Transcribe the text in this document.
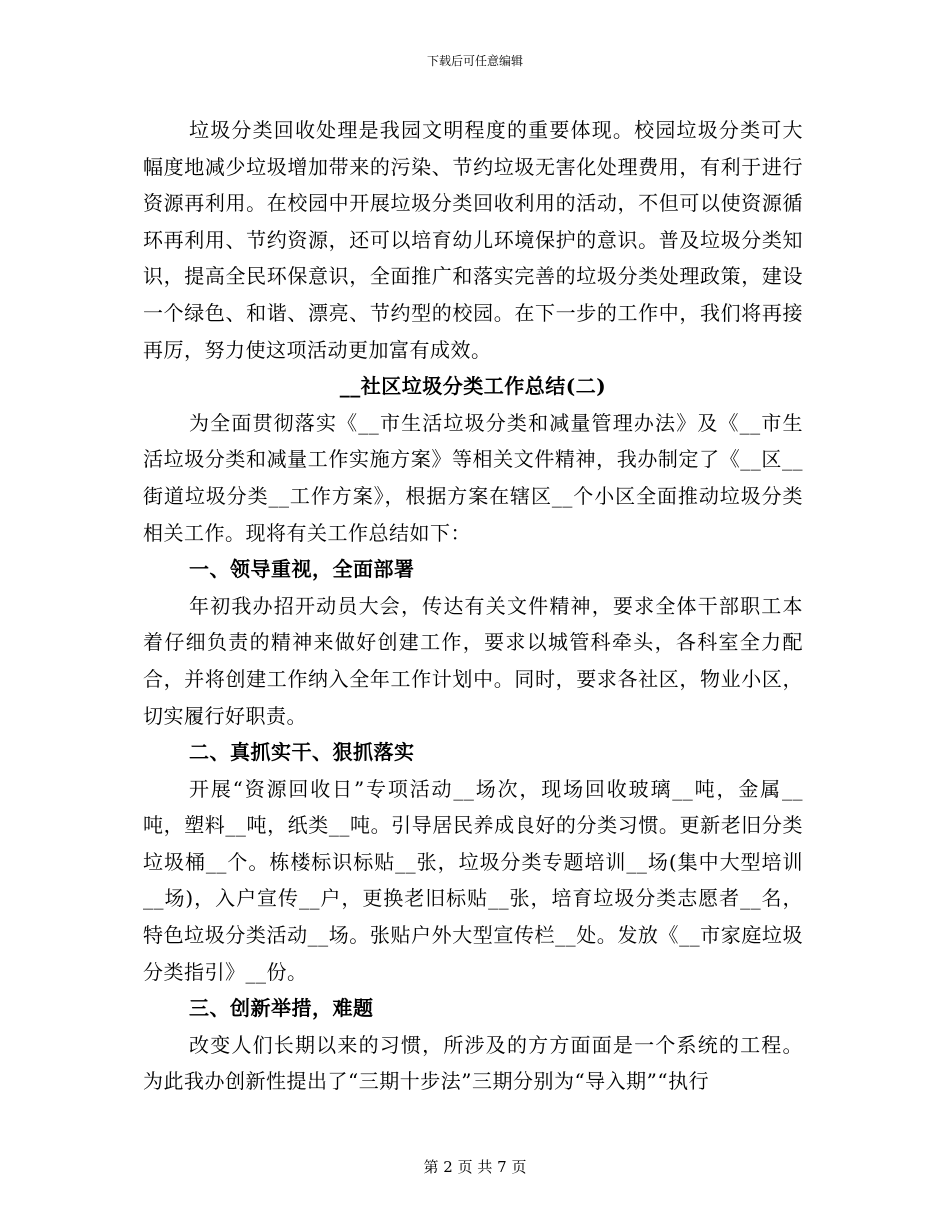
下载后可任意编辑

垃圾分类回收处理是我园文明程度的重要体现。校园垃圾分类可大幅度地减少垃圾增加带来的污染、节约垃圾无害化处理费用，有利于进行资源再利用。在校园中开展垃圾分类回收利用的活动，不但可以使资源循环再利用、节约资源，还可以培育幼儿环境保护的意识。普及垃圾分类知识，提高全民环保意识，全面推广和落实完善的垃圾分类处理政策，建设一个绿色、和谐、漂亮、节约型的校园。在下一步的工作中，我们将再接再厉，努力使这项活动更加富有成效。

__社区垃圾分类工作总结(二)

为全面贯彻落实《__市生活垃圾分类和减量管理办法》及《__市生活垃圾分类和减量工作实施方案》等相关文件精神，我办制定了《__区__街道垃圾分类__工作方案》，根据方案在辖区__个小区全面推动垃圾分类相关工作。现将有关工作总结如下：

一、领导重视，全面部署

年初我办招开动员大会，传达有关文件精神，要求全体干部职工本着仔细负责的精神来做好创建工作，要求以城管科牵头，各科室全力配合，并将创建工作纳入全年工作计划中。同时，要求各社区，物业小区，切实履行好职责。

二、真抓实干、狠抓落实

开展“资源回收日”专项活动__场次，现场回收玻璃__吨，金属__吨，塑料__吨，纸类__吨。引导居民养成良好的分类习惯。更新老旧分类垃圾桶__个。栋楼标识标贴__张，垃圾分类专题培训__场(集中大型培训__场)，入户宣传__户，更换老旧标贴__张，培育垃圾分类志愿者__名，特色垃圾分类活动__场。张贴户外大型宣传栏__处。发放《__市家庭垃圾分类指引》__份。

三、创新举措，难题

改变人们长期以来的习惯，所涉及的方方面面是一个系统的工程。为此我办创新性提出了“三期十步法”三期分别为“导入期”“执行

第 2 页 共 7 页
